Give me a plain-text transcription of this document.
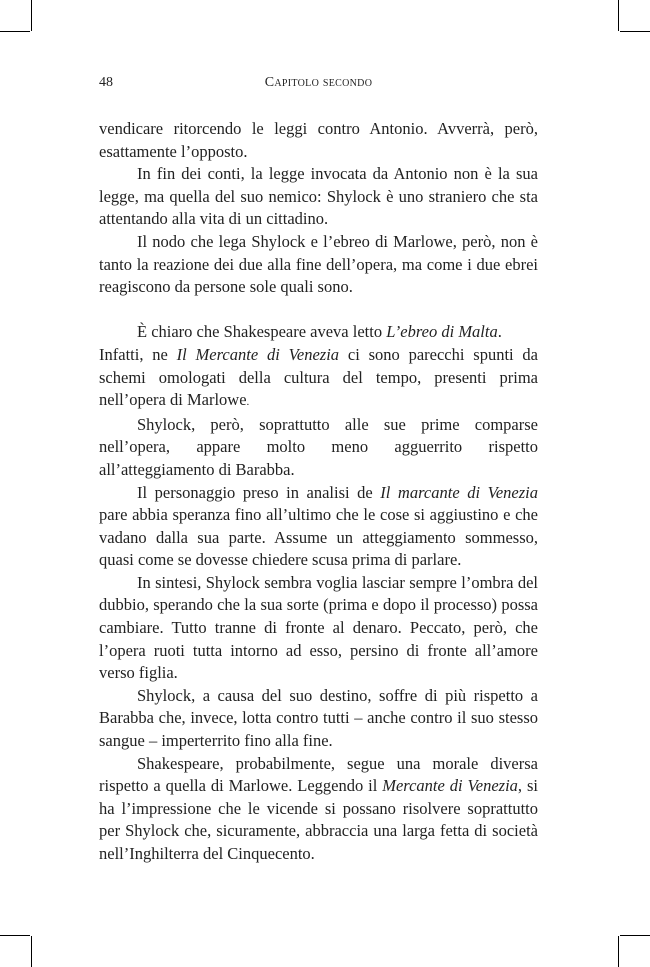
48	Capitolo secondo

vendicare ritorcendo le leggi contro Antonio. Avverrà, però, esattamente l’opposto.

In fin dei conti, la legge invocata da Antonio non è la sua legge, ma quella del suo nemico: Shylock è uno straniero che sta attentando alla vita di un cittadino.

Il nodo che lega Shylock e l’ebreo di Marlowe, però, non è tanto la reazione dei due alla fine dell’opera, ma come i due ebrei reagiscono da persone sole quali sono.

È chiaro che Shakespeare aveva letto L’ebreo di Malta.

Infatti, ne Il Mercante di Venezia ci sono parecchi spunti da schemi omologati della cultura del tempo, presenti prima nell’opera di Marlowe.

Shylock, però, soprattutto alle sue prime comparse nell’opera, appare molto meno agguerrito rispetto all’atteggiamento di Barabba.

Il personaggio preso in analisi de Il marcante di Venezia pare abbia speranza fino all’ultimo che le cose si aggiustino e che vadano dalla sua parte. Assume un atteggiamento sommesso, quasi come se dovesse chiedere scusa prima di parlare.

In sintesi, Shylock sembra voglia lasciar sempre l’ombra del dubbio, sperando che la sua sorte (prima e dopo il processo) possa cambiare. Tutto tranne di fronte al denaro. Peccato, però, che l’opera ruoti tutta intorno ad esso, persino di fronte all’amore verso figlia.

Shylock, a causa del suo destino, soffre di più rispetto a Barabba che, invece, lotta contro tutti – anche contro il suo stesso sangue – imperterrito fino alla fine.

Shakespeare, probabilmente, segue una morale diversa rispetto a quella di Marlowe. Leggendo il Mercante di Venezia, si ha l’impressione che le vicende si possano risolvere soprattutto per Shylock che, sicuramente, abbraccia una larga fetta di società nell’Inghilterra del Cinquecento.
